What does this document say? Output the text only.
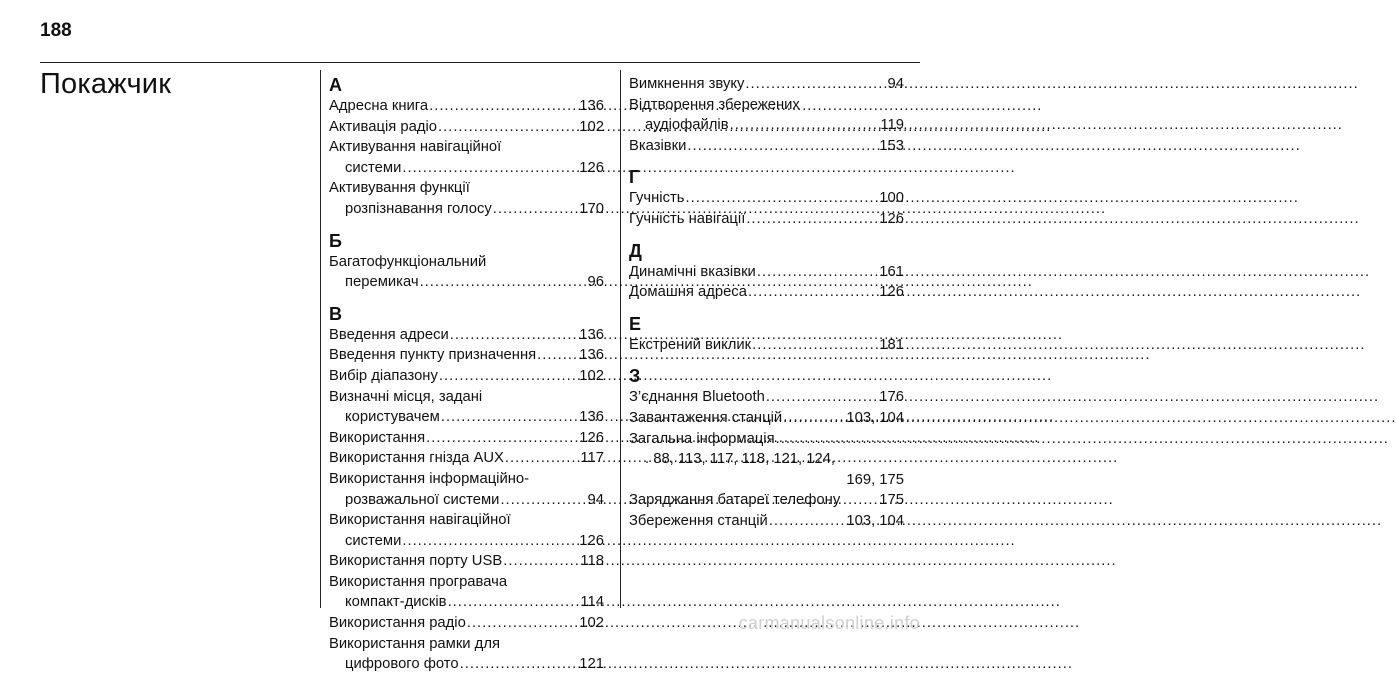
188
Покажчик	А
Адресна книга .....	136
Активація радіо .....	102
Активування навігаційної
системи .....	126
Активування функції
розпізнавання голосу .....	170
Б
Багатофункціональний
перемикач .....	96
В
Введення адреси .....	136
Введення пункту призначення .....	136
Вибір діапазону .....	102
Визначні місця, задані
користувачем .....	136
Використання .....	126
Використання гнізда AUX .....	117
Використання інформаційно-
розважальної системи .....	94
Використання навігаційної
системи .....	126
Використання порту USB .....	118
Використання програвача
компакт-дисків .....	114
Використання радіо .....	102
Використання рамки для
цифрового фото .....	121
Вимкнення звуку .....	94
Відтворення збережених
аудіофайлів .....	119
Вказівки .....	153
Г
Гучність .....	100
Гучність навігації .....	126
Д
Динамічні вказівки .....	161
Домашня адреса .....	126
Е
Екстрений виклик .....	181
З
З’єднання Bluetooth .....	176
Завантаження станцій .....	103, 104
Загальна інформація
.....
. 88, 113, 117, 118, 121, 124,
169, 175
Заряджання батареї телефону	175
Збереження станцій .....	103, 104
carmanualsonline.info
